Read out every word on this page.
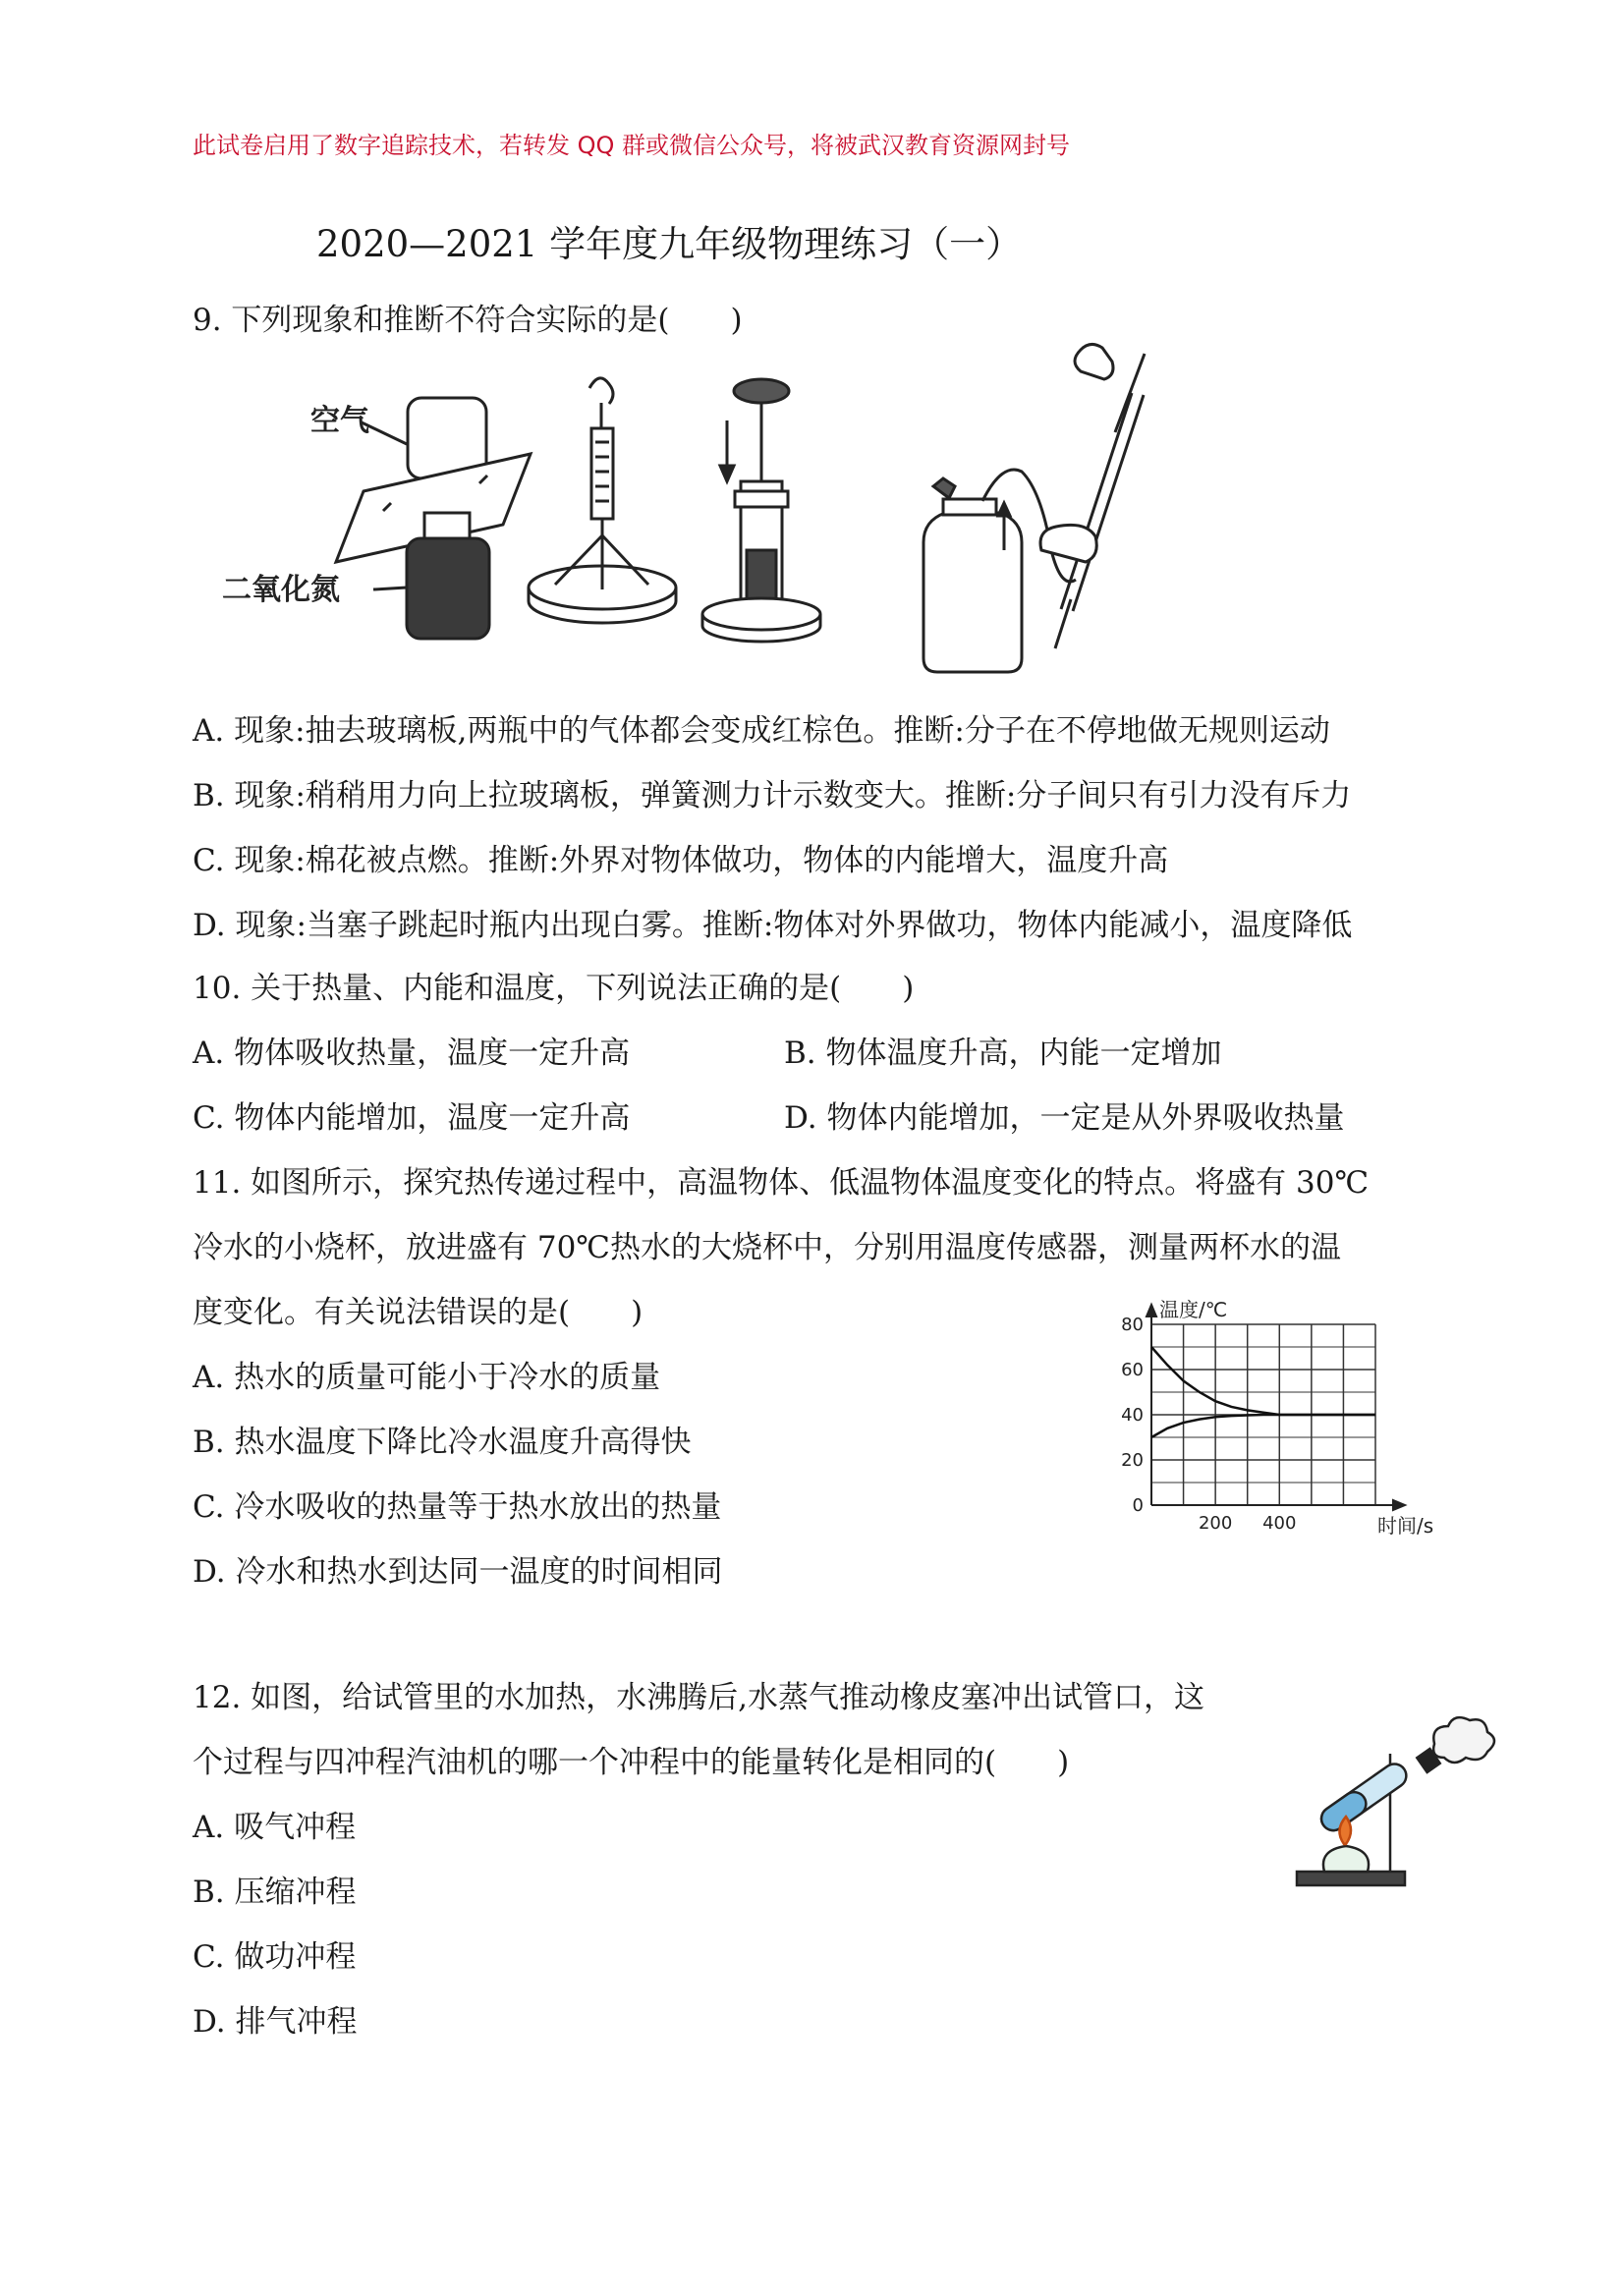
此试卷启用了数字追踪技术，若转发 QQ 群或微信公众号，将被武汉教育资源网封号
2020—2021 学年度九年级物理练习（一）
9. 下列现象和推断不符合实际的是(　　)
空气
二氧化氮
A. 现象:抽去玻璃板,两瓶中的气体都会变成红棕色。推断:分子在不停地做无规则运动
B. 现象:稍稍用力向上拉玻璃板，弹簧测力计示数变大。推断:分子间只有引力没有斥力
C. 现象:棉花被点燃。推断:外界对物体做功，物体的内能增大，温度升高
D. 现象:当塞子跳起时瓶内出现白雾。推断:物体对外界做功，物体内能减小，温度降低
10. 关于热量、内能和温度，下列说法正确的是(　　)
A. 物体吸收热量，温度一定升高	B. 物体温度升高，内能一定增加
C. 物体内能增加，温度一定升高	D. 物体内能增加，一定是从外界吸收热量
11. 如图所示，探究热传递过程中，高温物体、低温物体温度变化的特点。将盛有 30℃
冷水的小烧杯，放进盛有 70℃热水的大烧杯中，分别用温度传感器，测量两杯水的温
度变化。有关说法错误的是(　　)
A. 热水的质量可能小于冷水的质量
B. 热水温度下降比冷水温度升高得快
C. 冷水吸收的热量等于热水放出的热量
D. 冷水和热水到达同一温度的时间相同
0
20
40
60
80
200 400
温度/℃
时间/s
12. 如图，给试管里的水加热，水沸腾后,水蒸气推动橡皮塞冲出试管口，这
个过程与四冲程汽油机的哪一个冲程中的能量转化是相同的(　　)
A. 吸气冲程
B. 压缩冲程
C. 做功冲程
D. 排气冲程
